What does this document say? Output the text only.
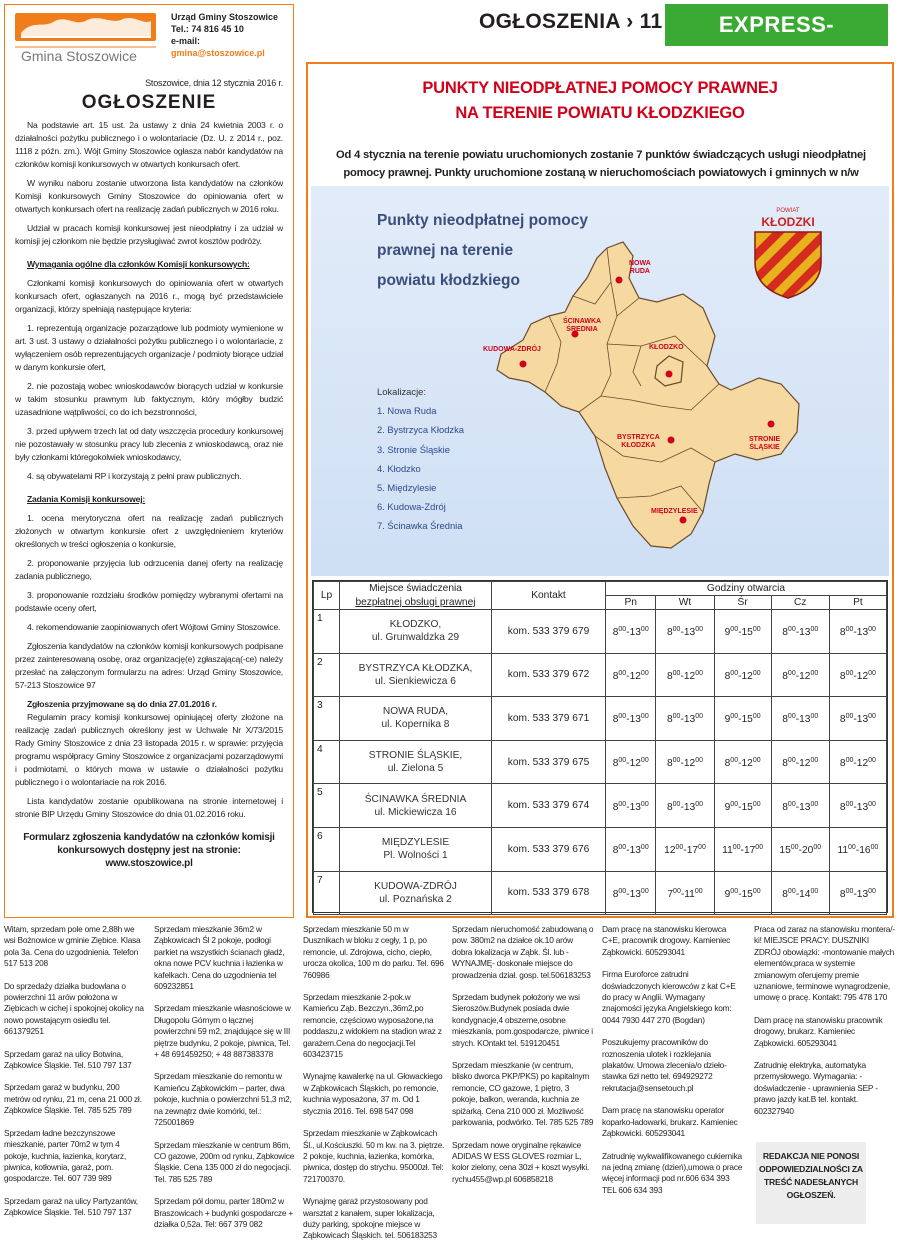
Gmina Stoszowice
Urząd Gminy Stoszowice
Tel.: 74 816 45 10
e-mail: gmina@stoszowice.pl
Stoszowice, dnia 12 stycznia 2016 r.
OGŁOSZENIE

Na podstawie art. 15 ust. 2a ustawy z dnia 24 kwietnia 2003 r. o działalności pożytku publicznego i o wolontariacie (Dz. U. z 2014 r., poz. 1118 z późn. zm.). Wójt Gminy Stoszowice ogłasza nabór kandydatów na członków komisji konkursowych w otwartych konkursach ofert.

W wyniku naboru zostanie utworzona lista kandydatów na członków Komisji konkursowych Gminy Stoszowice do opiniowania ofert w otwartych konkursach ofert na realizację zadań publicznych w 2016 roku.

Udział w pracach komisji konkursowej jest nieodpłatny i za udział w komisji jej członkom nie będzie przysługiwać zwrot kosztów podróży.

Wymagania ogólne dla członków Komisji konkursowych:

Członkami komisji konkursowych do opiniowania ofert w otwartych konkursach ofert, ogłaszanych na 2016 r., mogą być przedstawiciele organizacji, którzy spełniają następujące kryteria:

1. reprezentują organizacje pozarządowe lub podmioty wymienione w art. 3 ust. 3 ustawy o działalności pożytku publicznego i o wolontariacie, z wyłączeniem osób reprezentujących organizacje / podmioty biorące udział w danym konkursie ofert,

2. nie pozostają wobec wnioskodawców biorących udział w konkursie w takim stosunku prawnym lub faktycznym, który mógłby budzić uzasadnione wątpliwości, co do ich bezstronności,

3. przed upływem trzech lat od daty wszczęcia procedury konkursowej nie pozostawały w stosunku pracy lub zlecenia z wnioskodawcą, oraz nie były członkami któregokolwiek wnioskodawcy,

4. są obywatelami RP i korzystają z pełni praw publicznych.

Zadania Komisji konkursowej:

1. ocena merytoryczna ofert na realizację zadań publicznych złożonych w otwartym konkursie ofert z uwzględnieniem kryteriów określonych w treści ogłoszenia o konkursie,

2. proponowanie przyjęcia lub odrzucenia danej oferty na realizację zadania publicznego,

3. proponowanie rozdziału środków pomiędzy wybranymi ofertami na podstawie oceny ofert,

4. rekomendowanie zaopiniowanych ofert Wójtowi Gminy Stoszowice.

Zgłoszenia kandydatów na członków komisji konkursowych podpisane przez zainteresowaną osobę, oraz organizację(e) zgłaszającą(-ce) należy przesłać na załączonym formularzu na adres: Urząd Gminy Stoszowice, 57-213 Stoszowice 97

Zgłoszenia przyjmowane są do dnia 27.01.2016 r.

Regulamin pracy komisji konkursowej opiniującej oferty złożone na realizację zadań publicznych określony jest w Uchwale Nr X/73/2015 Rady Gminy Stoszowice z dnia 23 listopada 2015 r. w sprawie: przyjęcia programu współpracy Gminy Stoszowice z organizacjami pozarządowymi i podmiotami, o których mowa w ustawie o działalności pożytku publicznego i o wolontariacie na rok 2016.

Lista kandydatów zostanie opublikowana na stronie internetowej i stronie BIP Urzędu Gminy Stoszowice do dnia 01.02.2016 roku.

Formularz zgłoszenia kandydatów na członków komisji konkursowych dostępny jest na stronie: www.stoszowice.pl
OGŁOSZENIA › 11	EXPRESS-MIEJSKI.PL
PUNKTY NIEODPŁATNEJ POMOCY PRAWNEJ
NA TERENIE POWIATU KŁODZKIEGO
Od 4 stycznia na terenie powiatu uruchomionych zostanie 7 punktów świadczących usługi nieodpłatnej pomocy prawnej. Punkty uruchomione zostaną w nieruchomościach powiatowych i gminnych w n/w
Punkty nieodpłatnej pomocy
prawnej na terenie
powiatu kłodzkiego
Lokalizacje:
1. Nowa Ruda
2. Bystrzyca Kłodzka
3. Stronie Śląskie
4. Kłodzko
5. Międzylesie
6. Kudowa-Zdrój
7. Ścinawka Średnia
NOWA
RUDA
ŚCINAWKA
ŚREDNIA
KUDOWA-ZDRÓJ	KŁODZKO
BYSTRZYCA
KŁODZKA
STRONIE
ŚLĄSKIE
MIĘDZYLESIE
POWIAT
KŁODZKI
Lp	Miejsce świadczenia	Kontakt	Godziny otwarcia				
	bezpłatnej obsługi prawnej		Pn	Wt	Śr	Cz	Pt
1	KŁODZKO,
ul. Grunwaldzka 29	kom. 533 379 679	$8^{00}-13^{00}$	$8^{00}-13^{00}$	$9^{00}-15^{00}$	$8^{00}-13^{00}$	$8^{00}-13^{00}$
2	BYSTRZYCA KŁODZKA,
ul. Sienkiewicza 6	kom. 533 379 672	$8^{00}-12^{00}$	$8^{00}-12^{00}$	$8^{00}-12^{00}$	$8^{00}-12^{00}$	$8^{00}-12^{00}$
3	NOWA RUDA,
ul. Kopernika 8	kom. 533 379 671	$8^{00}-13^{00}$	$8^{00}-13^{00}$	$9^{00}-15^{00}$	$8^{00}-13^{00}$	$8^{00}-13^{00}$
4	STRONIE ŚLĄSKIE,
ul. Zielona 5	kom. 533 379 675	$8^{00}-12^{00}$	$8^{00}-12^{00}$	$8^{00}-12^{00}$	$8^{00}-12^{00}$	$8^{00}-12^{00}$
5	ŚCINAWKA ŚREDNIA
ul. Mickiewicza 16	kom. 533 379 674	$8^{00}-13^{00}$	$8^{00}-13^{00}$	$9^{00}-15^{00}$	$8^{00}-13^{00}$	$8^{00}-13^{00}$
6	MIĘDZYLESIE
Pl. Wolności 1	kom. 533 379 676	$8^{00}-13^{00}$	$12^{00}-17^{00}$	$11^{00}-17^{00}$	$15^{00}-20^{00}$	$11^{00}-16^{00}$
7	KUDOWA-ZDRÓJ
ul. Poznańska 2	kom. 533 379 678	$8^{00}-13^{00}$	$7^{00}-11^{00}$	$9^{00}-15^{00}$	$8^{00}-14^{00}$	$8^{00}-13^{00}$

Witam, sprzedam pole ome 2,88h we wsi Bożnowice w gminie Ziębice. Klasa pola 3a. Cena do uzgodnienia. Telefon 517 513 208

Do sprzedaży działka budowlana o powierzchni 11 arów położona w Ziębicach w cichej i spokojnej okolicy na nowo powstającym osiedlu tel. 661379251

Sprzedam garaż na ulicy Botwina, Ząbkowice Śląskie. Tel. 510 797 137

Sprzedam garaż w budynku, 200 metrów od rynku, 21 m, cena 21 000 zł. Ząbkowice Śląskie. Tel. 785 525 789

Sprzedam ładne bezczynszowe mieszkanie, parter 70m2 w tym 4 pokoje, kuchnia, łazienka, korytarz, piwnica, kotłownia, garaż, pom. gospodarcze. Tel. 607 739 989

Sprzedam garaż na ulicy Partyzantów, Ząbkowice Śląskie. Tel. 510 797 137

Sprzedam mieszkanie 36m2 w Ząbkowicach Śl 2 pokoje, podłogi parkiet na wszystkich ścianach gładź, okna nowe PCV kuchnia i łazienka w kafelkach. Cena do uzgodnienia tel 609232851

Sprzedam mieszkanie własnościowe w Długopolu Górnym o łącznej powierzchni 59 m2, znajdujące się w III piętrze budynku, 2 pokoje, piwnica, Tel. + 48 691459250; + 48 887383378

Sprzedam mieszkanie do remontu w Kamieńcu Ząbkowickim – parter, dwa pokoje, kuchnia o powierzchni 51,3 m2, na zewnątrz dwie komórki, tel.: 725001869

Sprzedam mieszkanie w centrum 86m, CO gazowe, 200m od rynku, Ząbkowice Śląskie. Cena 135 000 zł do negocjacji. Tel. 785 525 789

Sprzedam pół domu, parter 180m2 w Braszowicach + budynki gospodarcze + działka 0,52a. Tel: 667 379 082

Sprzedam mieszkanie 50 m w Dusznikach w bloku z cegły, 1 p, po remoncie, ul. Zdrojowa, cicho, ciepło, urocza okolica, 100 m do parku. Tel. 696 760986

Sprzedam mieszkanie 2-pok.w Kamieńcu Ząb. Bezczyn.,36m2,po remoncie, częściowo wyposażone,na poddaszu,z widokiem na stadion wraz z garażem.Cena do negocjacji.Tel 603423715

Wynajmę kawalerkę na ul. Głowackiego w Ząbkowicach Śląskich, po remoncie, kuchnia wyposażona, 37 m. Od 1 stycznia 2016. Tel. 698 547 098

Sprzedam mieszkanie w Ząbkowicach Śl., ul.Kościuszki. 50 m kw. na 3. piętrze. 2 pokoje, kuchnia, łazienka, komórka, piwnica, dostęp do strychu. 95000zł. Tel: 721700370.

Wynajmę garaż przystosowany pod warsztat z kanałem, super lokalizacja, duży parking, spokojne miejsce w Ząbkowicach Śląskich. tel. 506183253

Sprzedam nieruchomość zabudowaną o pow. 380m2 na działce ok.10 arów dobra lokalizacja w Ząbk. Śl. lub - WYNAJMĘ- doskonałe miejsce do prowadzenia dział. gosp. tel.506183253

Sprzedam budynek położony we wsi Sieroszów.Budynek posiada dwie kondygnacje,4 obszerne,osobne mieszkania, pom.gospodarcze, piwnice i strych. KOntakt tel. 519120451

Sprzedam mieszkanie (w centrum, blisko dworca PKP/PKS) po kapitalnym remoncie, CO gazowe, 1 piętro, 3 pokoje, balkon, weranda, kuchnia ze spiżarką. Cena 210 000 zł. Możliwość parkowania, podwórko. Tel. 785 525 789

Sprzedam nowe oryginalne rękawice ADIDAS W ESS GLOVES rozmiar L, kolor zielony, cena 30zł + koszt wysyłki. rychu455@wp.pl 606858218

Dam pracę na stanowisku kierowca C+E, pracownik drogowy. Kamieniec Ząbkowicki. 605293041

Firma Euroforce zatrudni doświadczonych kierowców z kat C+E do pracy w Anglii. Wymagany znajomości języka Angielskiego kom: 0044 7930 447 270 (Bogdan)

Poszukujemy pracowników do roznoszenia ulotek i rozklejania plakatów. Umowa zlecenia/o dzieło- stawka 6zł netto tel. 694929272 rekrutacja@sensetouch.pl

Dam pracę na stanowisku operator koparko-ładowarki, brukarz. Kamieniec Ząbkowicki. 605293041

Zatrudnię wykwalifikowanego cukiernika na jedną zmianę (dzień),umowa o prace więcej informacji pod nr.606 634 393 TEL 606 634 393

Praca od zaraz na stanowisku montera/-ki! MIEJSCE PRACY: DUSZNIKI ZDRÓJ obowiązki: -montowanie małych elementów,praca w systemie zmianowym oferujemy premie uznaniowe, terminowe wynagrodzenie, umowę o pracę. Kontakt: 795 478 170

Dam pracę na stanowisku pracownik drogowy, brukarz. Kamieniec Ząbkowicki. 605293041

Zatrudnię elektryka, automatyka przemysłowego. Wymagania: - doświadczenie - uprawnienia SEP - prawo jazdy kat.B tel. kontakt. 602327940

REDAKCJA NIE PONOSI ODPOWIEDZIALNOŚCI ZA TREŚĆ NADESŁANYCH OGŁOSZEŃ.
